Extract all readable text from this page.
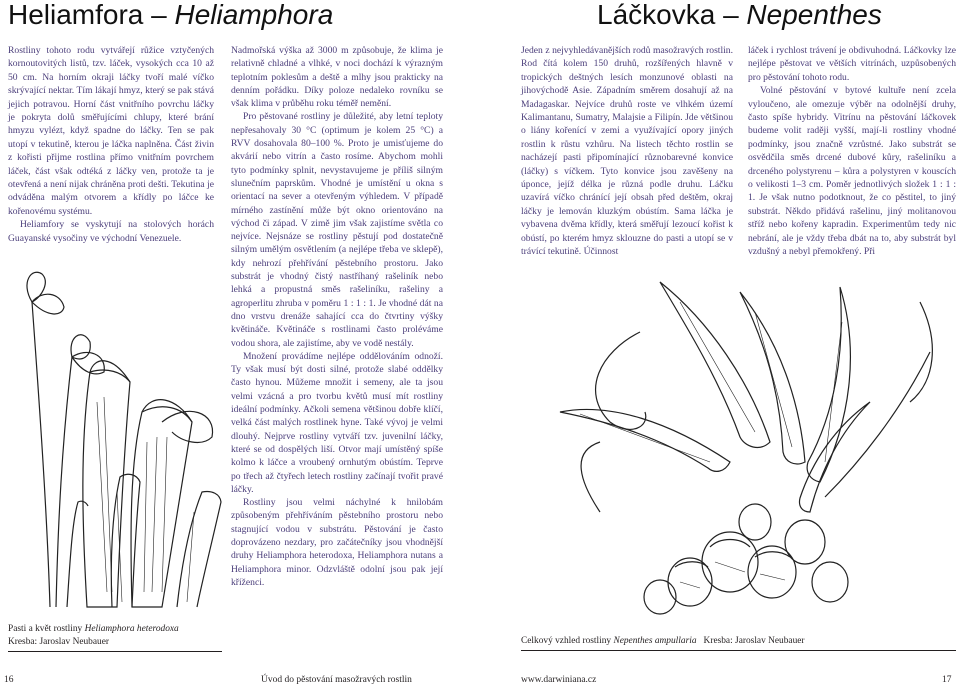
Heliamfora – Heliamphora	Láčkovka – Nepenthes

Rostliny tohoto rodu vytvářejí růžice vztyčených kornoutovitých listů, tzv. láček, vysokých cca 10 až 50 cm. Na horním okraji láčky tvoří malé víčko skrývající nektar. Tím lákají hmyz, který se pak stává jejich potravou. Horní část vnitřního povrchu láčky je pokryta dolů směřujícími chlupy, které brání hmyzu vylézt, když spadne do láčky. Ten se pak utopí v tekutině, kterou je láčka naplněna. Část živin z kořisti přijme rostlina přímo vnitřním povrchem láček, část však odtéká z láčky ven, protože ta je otevřená a není nijak chráněna proti dešti. Tekutina je odváděna malým otvorem a křídly po láčce ke kořenovému systému.

Heliamfory se vyskytují na stolových horách Guayanské vysočiny ve východní Venezuele.

Pasti a květ rostliny Heliamphora heterodoxa
Kresba: Jaroslav Neubauer

Nadmořská výška až 3000 m způsobuje, že klima je relativně chladné a vlhké, v noci dochází k výrazným teplotním poklesům a deště a mlhy jsou prakticky na denním pořádku. Díky poloze nedaleko rovníku se však klima v průběhu roku téměř nemění.

Pro pěstované rostliny je důležité, aby letní teploty nepřesahovaly 30 °C (optimum je kolem 25 °C) a RVV dosahovala 80–100 %. Proto je umisťujeme do akvárií nebo vitrín a často rosíme. Abychom mohli tyto podmínky splnit, nevystavujeme je příliš silným slunečním paprskům. Vhodné je umístění u okna s orientací na sever a otevřeným výhledem. V případě mírného zastínění může být okno orientováno na východ či západ. V zimě jim však zajistíme světla co nejvíce. Nejsnáze se rostliny pěstují pod dostatečně silným umělým osvětlením (a nejlépe třeba ve sklepě), kdy nehrozí přehřívání pěstebního prostoru. Jako substrát je vhodný čistý nastříhaný rašeliník nebo lehká a propustná směs rašeliníku, rašeliny a agroperlitu zhruba v poměru 1 : 1 : 1. Je vhodné dát na dno vrstvu drenáže sahající cca do čtvrtiny výšky květináče. Květináče s rostlinami často proléváme vodou shora, ale zajistíme, aby ve vodě nestály.

Množení provádíme nejlépe oddělováním odnoží. Ty však musí být dosti silné, protože slabé oddělky často hynou. Můžeme množit i semeny, ale ta jsou velmi vzácná a pro tvorbu květů musí mít rostliny ideální podmínky. Ačkoli semena většinou dobře klíčí, velká část malých rostlinek hyne. Také vývoj je velmi dlouhý. Nejprve rostliny vytváří tzv. juvenilní láčky, které se od dospělých liší. Otvor mají umístěný spíše kolmo k láčce a vroubený ornhutým obústím. Teprve po třech až čtyřech letech rostliny začínají tvořit pravé láčky.

Rostliny jsou velmi náchylné k hnilobám způsobeným přehříváním pěstebního prostoru nebo stagnující vodou v substrátu. Pěstování je často doprovázeno nezdary, pro začátečníky jsou vhodnější druhy Heliamphora heterodoxa, Heliamphora nutans a Heliamphora minor. Odzvláště odolní jsou pak její kříženci.

Jeden z nejvyhledávanějších rodů masožravých rostlin. Rod čítá kolem 150 druhů, rozšířených hlavně v tropických deštných lesích monzunové oblasti na jihovýchodě Asie. Západním směrem dosahují až na Madagaskar. Nejvíce druhů roste ve vlhkém území Kalimantanu, Sumatry, Malajsie a Filipín. Jde většinou o liány kořenící v zemi a využívající opory jiných rostlin k růstu vzhůru. Na listech těchto rostlin se nacházejí pasti připomínající různobarevné konvice (láčky) s víčkem. Tyto konvice jsou zavěšeny na úponce, jejíž délka je různá podle druhu. Láčku uzavírá víčko chránící její obsah před deštěm, okraj láčky je lemován kluzkým obústím. Sama láčka je vybavena dvěma křídly, která směřují lezoucí kořist k obústí, po kterém hmyz sklouzne do pasti a utopí se v trávící tekutině. Účinnost

láček i rychlost trávení je obdivuhodná. Láčkovky lze nejlépe pěstovat ve větších vitrínách, uzpůsobených pro pěstování tohoto rodu.

Volné pěstování v bytové kultuře není zcela vyloučeno, ale omezuje výběr na odolnější druhy, často spíše hybridy. Vitrínu na pěstování láčkovek budeme volit raději vyšší, mají-li rostliny vhodné podmínky, jsou značně vzrůstné. Jako substrát se osvědčila směs drcené dubové kůry, rašeliníku a drceného polystyrenu – kůra a polystyren v kouscích o velikosti 1–3 cm. Poměr jednotlivých složek 1 : 1 : 1. Je však nutno podotknout, že co pěstitel, to jiný substrát. Někdo přidává rašelinu, jiný molitanovou stříž nebo kořeny kapradin. Experimentům tedy nic nebrání, ale je vždy třeba dbát na to, aby substrát byl vzdušný a nebyl přemokřený. Při

Celkový vzhled rostliny Nepenthes ampullaria Kresba: Jaroslav Neubauer
16	Úvod do pěstování masožravých rostlin	www.darwiniana.cz	17
